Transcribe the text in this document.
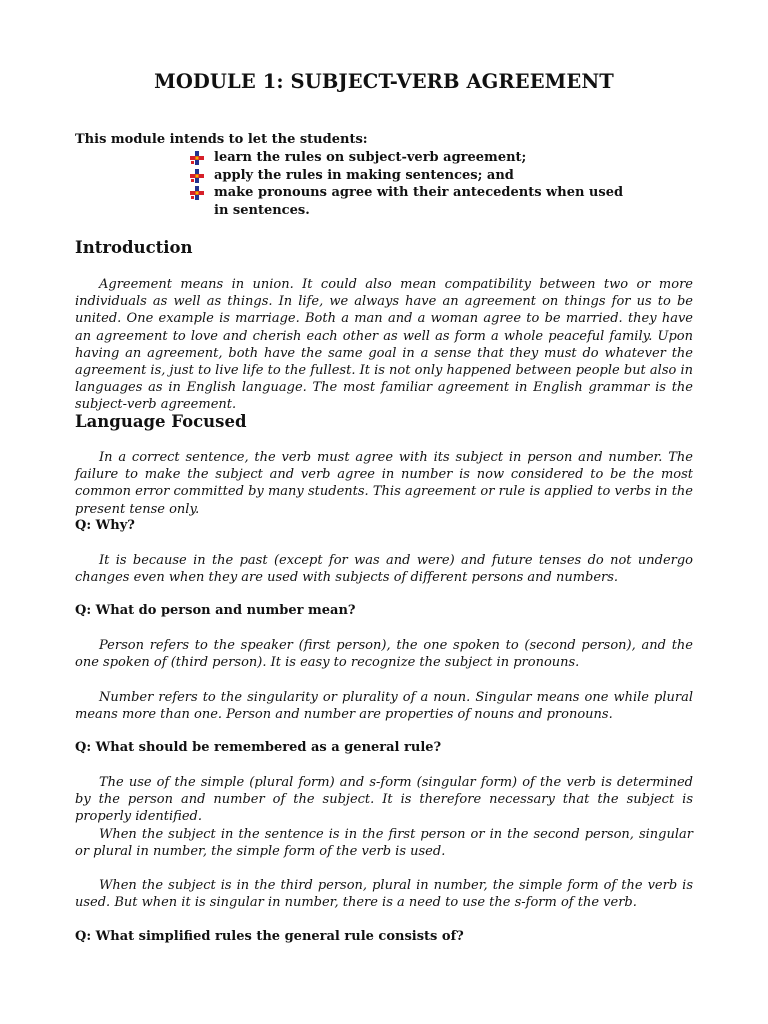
MODULE 1: SUBJECT-VERB AGREEMENT
This module intends to let the students:
learn the rules on subject-verb agreement;
apply the rules in making sentences; and
make pronouns agree with their antecedents when used in sentences.
Introduction

Agreement means in union. It could also mean compatibility between two or more individuals as well as things. In life, we always have an agreement on things for us to be united. One example is marriage. Both a man and a woman agree to be married. they have an agreement to love and cherish each other as well as form a whole peaceful family. Upon having an agreement, both have the same goal in a sense that they must do whatever the agreement is, just to live life to the fullest. It is not only happened between people but also in languages as in English language. The most familiar agreement in English grammar is the subject-verb agreement.

Language Focused

In a correct sentence, the verb must agree with its subject in person and number. The failure to make the subject and verb agree in number is now considered to be the most common error committed by many students. This agreement or rule is applied to verbs in the present tense only.

Q: Why?

It is because in the past (except for was and were) and future tenses do not undergo changes even when they are used with subjects of different persons and numbers.

Q: What do person and number mean?

Person refers to the speaker (first person), the one spoken to (second person), and the one spoken of (third person). It is easy to recognize the subject in pronouns.

Number refers to the singularity or plurality of a noun. Singular means one while plural means more than one. Person and number are properties of nouns and pronouns.

Q: What should be remembered as a general rule?

The use of the simple (plural form) and s-form (singular form) of the verb is determined by the person and number of the subject. It is therefore necessary that the subject is properly identified.

When the subject in the sentence is in the first person or in the second person, singular or plural in number, the simple form of the verb is used.

When the subject is in the third person, plural in number, the simple form of the verb is used. But when it is singular in number, there is a need to use the s-form of the verb.

Q: What simplified rules the general rule consists of?
